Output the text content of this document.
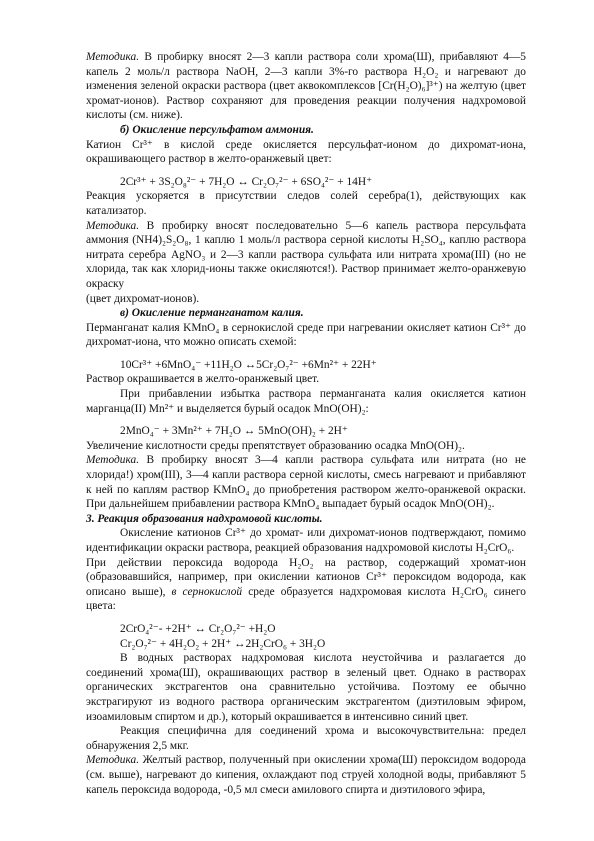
Методика. В пробирку вносят 2—3 капли раствора соли хрома(Ш), прибавляют 4—5 капель 2 моль/л раствора NaOH, 2—3 капли 3%-го раствора H₂O₂ и нагревают до изменения зеленой окраски раствора (цвет аквокомплексов [Cr(H₂O)₆]³⁺) на желтую (цвет хромат-ионов). Раствор сохраняют для проведения реакции получения надхромовой кислоты (см. ниже).

б) Окисление персульфатом аммония.

Катион Cr³⁺ в кислой среде окисляется персульфат-ионом до дихромат-иона, окрашивающего раствор в желто-оранжевый цвет:

2Cr³⁺ + 3S₂O₈²⁻ + 7H₂O ↔ Cr₂O₇²⁻ + 6SO₄²⁻ + 14H⁺

Реакция ускоряется в присутствии следов солей серебра(1), действующих как катализатор.

Методика. В пробирку вносят последовательно 5—6 капель раствора персульфата аммония (NH4)₂S₂O₈, 1 каплю 1 моль/л раствора серной кислоты H₂SO₄, каплю раствора нитрата серебра AgNO₃ и 2—3 капли раствора сульфата или нитрата хрома(III) (но не хлорида, так как хлорид-ионы также окисляются!). Раствор принимает желто-оранжевую окраску

(цвет дихромат-ионов).

в) Окисление перманганатом калия.

Перманганат калия KMnO₄ в сернокислой среде при нагревании окисляет катион Cr³⁺ до дихромат-иона, что можно описать схемой:

10Cr³⁺ +6MnO₄⁻ +11H₂O ↔5Cr₂O₇²⁻ +6Mn²⁺ + 22H⁺

Раствор окрашивается в желто-оранжевый цвет.

При прибавлении избытка раствора перманганата калия окисляется катион марганца(II) Mn²⁺ и выделяется бурый осадок MnO(OH)₂:

2MnO₄⁻ + 3Mn²⁺ + 7H₂O ↔ 5MnO(OH)₂ + 2H⁺

Увеличение кислотности среды препятствует образованию осадка MnO(OH)₂.

Методика. В пробирку вносят 3—4 капли раствора сульфата или нитрата (но не хлорида!) хром(III), 3—4 капли раствора серной кислоты, смесь нагревают и прибавляют к ней по каплям раствор KMnO₄ до приобретения раствором желто-оранжевой окраски. При дальнейшем прибавлении раствора KMnO₄ выпадает бурый осадок MnO(OH)₂.

3. Реакция образования надхромовой кислоты.

Окисление катионов Cr³⁺ до хромат- или дихромат-ионов подтверждают, помимо идентификации окраски раствора, реакцией образования надхромовой кислоты H₂CrO₆.

При действии пероксида водорода H₂O₂ на раствор, содержащий хромат-ион (образовавшийся, например, при окислении катионов Cr³⁺ пероксидом водорода, как описано выше), в сернокислой среде образуется надхромовая кислота H₂CrO₆ синего цвета:

2CrO₄²⁻- +2H⁺ ↔ Cr₂O₇²⁻ +H₂O

Cr₂O₇²⁻ + 4H₂O₂ + 2H⁺ ↔2H₂CrO₆ + 3H₂O

В водных растворах надхромовая кислота неустойчива и разлагается до соединений хрома(Ш), окрашивающих раствор в зеленый цвет. Однако в растворах органических экстрагентов она сравнительно устойчива. Поэтому ее обычно экстрагируют из водного раствора органическим экстрагентом (диэтиловым эфиром, изоамиловым спиртом и др.), который окрашивается в интенсивно синий цвет.

Реакция специфична для соединений хрома и высокочувствительна: предел обнаружения 2,5 мкг.

Методика. Желтый раствор, полученный при окислении хрома(Ш) пероксидом водорода (см. выше), нагревают до кипения, охлаждают под струей холодной воды, прибавляют 5 капель пероксида водорода, -0,5 мл смеси амилового спирта и диэтилового эфира,
